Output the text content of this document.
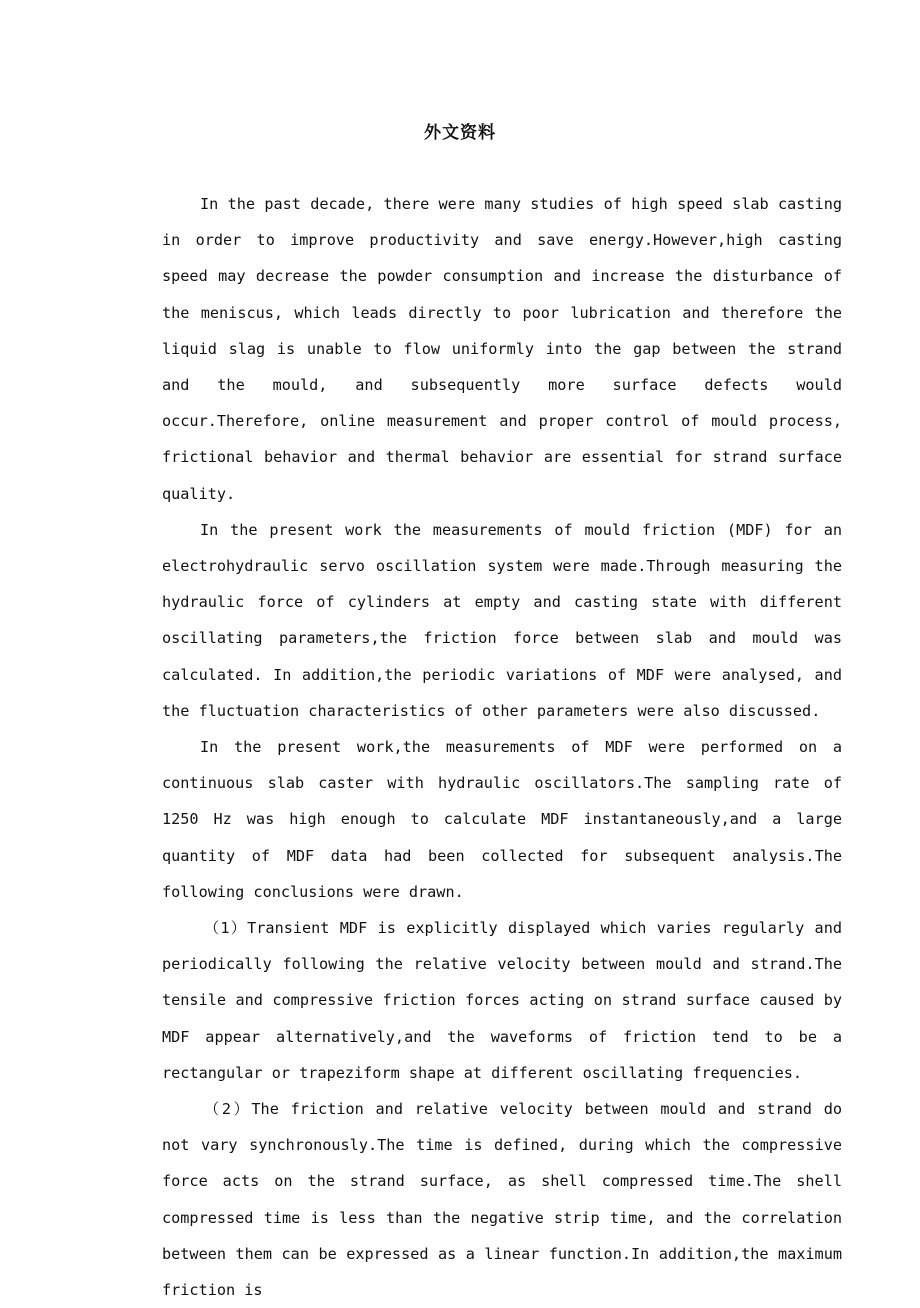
外文资料

In the past decade, there were many studies of high speed slab casting in order to improve productivity and save energy.However,high casting speed may decrease the powder consumption and increase the disturbance of the meniscus, which leads directly to poor lubrication and therefore the liquid slag is unable to flow uniformly into the gap between the strand and the mould, and subsequently more surface defects would occur.Therefore, online measurement and proper control of mould process, frictional behavior and thermal behavior are essential for strand surface quality.

In the present work the measurements of mould friction (MDF) for an electrohydraulic servo oscillation system were made.Through measuring the hydraulic force of cylinders at empty and casting state with different oscillating parameters,the friction force between slab and mould was calculated. In addition,the periodic variations of MDF were analysed, and the fluctuation characteristics of other parameters were also discussed.

In the present work,the measurements of MDF were performed on a continuous slab caster with hydraulic oscillators.The sampling rate of 1250 Hz was high enough to calculate MDF instantaneously,and a large quantity of MDF data had been collected for subsequent analysis.The following conclusions were drawn.

（1）Transient MDF is explicitly displayed which varies regularly and periodically following the relative velocity between mould and strand.The tensile and compressive friction forces acting on strand surface caused by MDF appear alternatively,and the waveforms of friction tend to be a rectangular or trapeziform shape at different oscillating frequencies.

（2）The friction and relative velocity between mould and strand do not vary synchronously.The time is defined, during which the compressive force acts on the strand surface, as shell compressed time.The shell compressed time is less than the negative strip time, and the correlation between them can be expressed as a linear function.In addition,the maximum friction is
